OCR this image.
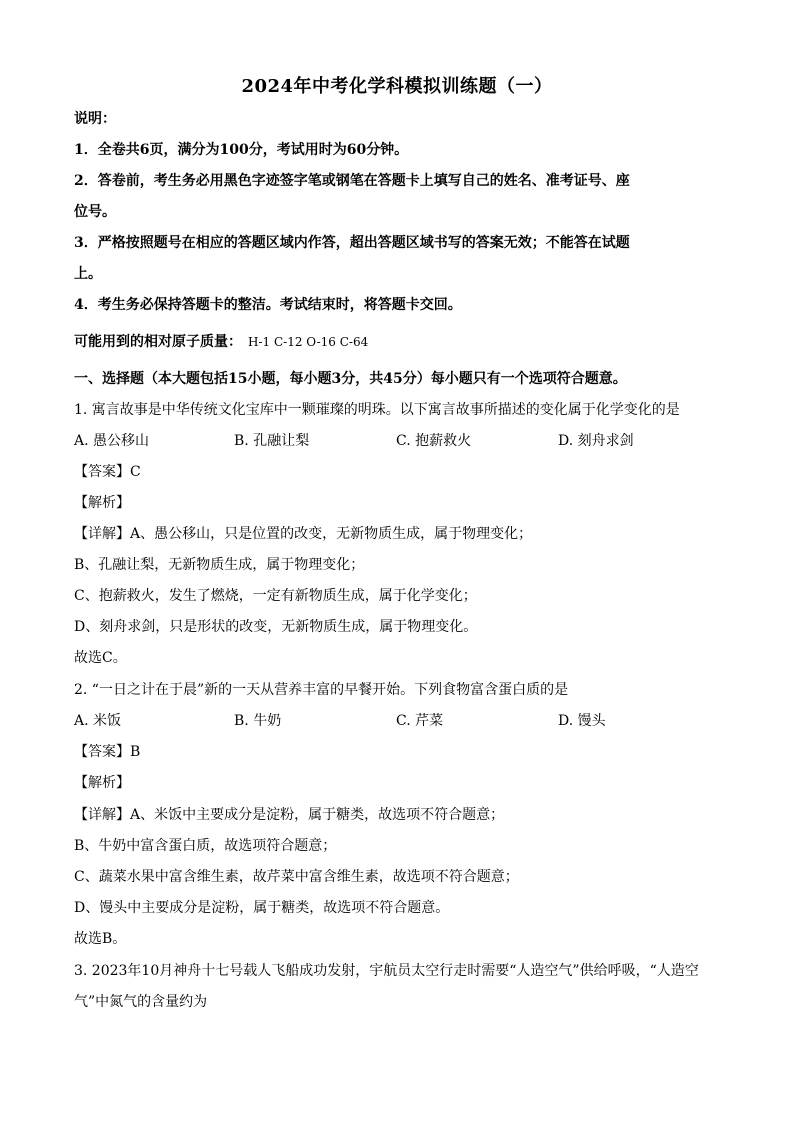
2024年中考化学科模拟训练题（一）
说明：
1．全卷共6页，满分为100分，考试用时为60分钟。
2．答卷前，考生务必用黑色字迹签字笔或钢笔在答题卡上填写自己的姓名、准考证号、座
位号。
3．严格按照题号在相应的答题区域内作答，超出答题区域书写的答案无效；不能答在试题
上。
4．考生务必保持答题卡的整洁。考试结束时，将答题卡交回。
可能用到的相对原子质量： H-1 C-12 O-16 C-64
一、选择题（本大题包括15小题，每小题3分，共45分）每小题只有一个选项符合题意。
1. 寓言故事是中华传统文化宝库中一颗璀璨的明珠。以下寓言故事所描述的变化属于化学变化的是
A. 愚公移山	B. 孔融让梨	C. 抱薪救火	D. 刻舟求剑
【答案】C
【解析】
【详解】A、愚公移山，只是位置的改变，无新物质生成，属于物理变化；
B、孔融让梨，无新物质生成，属于物理变化；
C、抱薪救火，发生了燃烧，一定有新物质生成，属于化学变化；
D、刻舟求剑，只是形状的改变，无新物质生成，属于物理变化。
故选C。
2. “一日之计在于晨”新的一天从营养丰富的早餐开始。下列食物富含蛋白质的是
A. 米饭	B. 牛奶	C. 芹菜	D. 馒头
【答案】B
【解析】
【详解】A、米饭中主要成分是淀粉，属于糖类，故选项不符合题意；
B、牛奶中富含蛋白质，故选项符合题意；
C、蔬菜水果中富含维生素，故芹菜中富含维生素，故选项不符合题意；
D、馒头中主要成分是淀粉，属于糖类，故选项不符合题意。
故选B。
3. 2023年10月神舟十七号载人飞船成功发射，宇航员太空行走时需要“人造空气”供给呼吸，“人造空
气”中氮气的含量约为
